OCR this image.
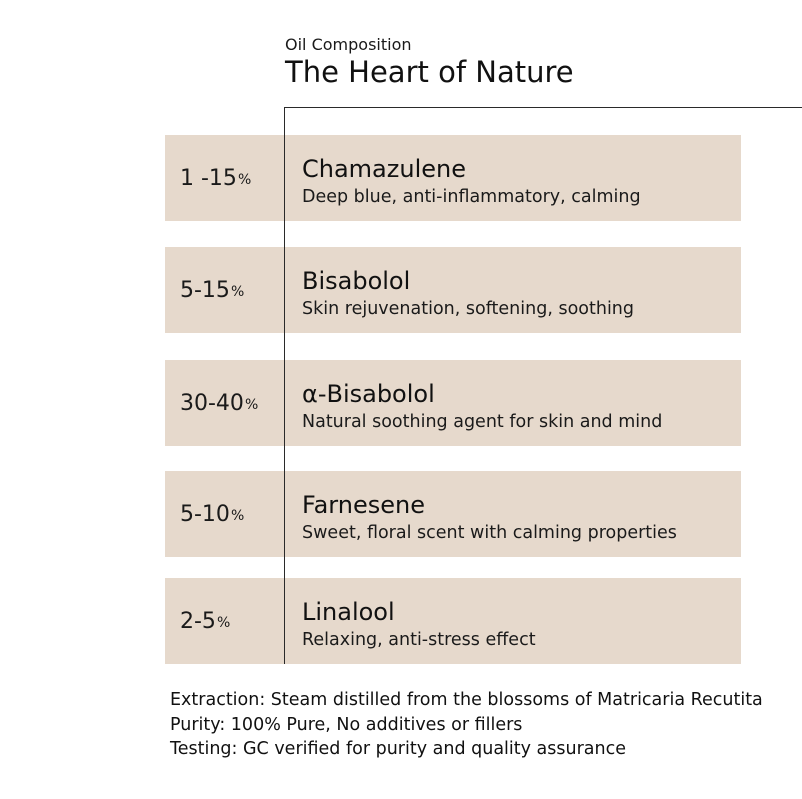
Oil Composition
The Heart of Nature
1 -15 % Chamazulene
Deep blue, anti-inflammatory, calming
5-15 % Bisabolol
Skin rejuvenation, softening, soothing
30-40 % α-Bisabolol
Natural soothing agent for skin and mind
5-10 % Farnesene
Sweet, floral scent with calming properties
2-5 %	Linalool
Relaxing, anti-stress effect

Extraction: Steam distilled from the blossoms of Matricaria Recutita

Purity: 100% Pure, No additives or fillers

Testing: GC verified for purity and quality assurance
